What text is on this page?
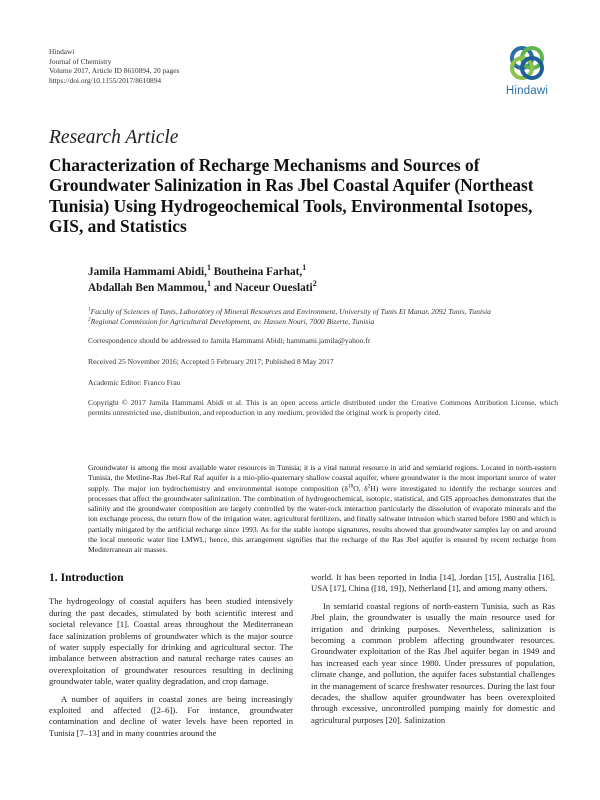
Hindawi
Journal of Chemistry
Volume 2017, Article ID 8610894, 20 pages
https://doi.org/10.1155/2017/8610894
Hindawi
Research Article
Characterization of Recharge Mechanisms and Sources of Groundwater Salinization in Ras Jbel Coastal Aquifer (Northeast Tunisia) Using Hydrogeochemical Tools, Environmental Isotopes, GIS, and Statistics
Jamila Hammami Abidi,$^1$ Boutheina Farhat,$^1$
Abdallah Ben Mammou,$^1$ and Naceur Oueslati$^2$
$^1$Faculty of Sciences of Tunis, Laboratory of Mineral Resources and Environment, University of Tunis El Manar, 2092 Tunis, Tunisia
$^2$Regional Commission for Agricultural Development, av. Hassen Nouri, 7000 Bizerte, Tunisia
Correspondence should be addressed to Jamila Hammami Abidi; hammami.jamila@yahoo.fr
Received 25 November 2016; Accepted 5 February 2017; Published 8 May 2017
Academic Editor: Franco Frau
Copyright © 2017 Jamila Hammami Abidi et al. This is an open access article distributed under the Creative Commons Attribution License, which permits unrestricted use, distribution, and reproduction in any medium, provided the original work is properly cited.
Groundwater is among the most available water resources in Tunisia; it is a vital natural resource in arid and semiarid regions. Located in north-eastern Tunisia, the Metline-Ras Jbel-Raf Raf aquifer is a mio-plio-quaternary shallow coastal aquifer, where groundwater is the most important source of water supply. The major ion hydrochemistry and environmental isotope composition ($\delta^{18}O$, $\delta^2H$) were investigated to identify the recharge sources and processes that affect the groundwater salinization. The combination of hydrogeochemical, isotopic, statistical, and GIS approaches demonstrates that the salinity and the groundwater composition are largely controlled by the water-rock interaction particularly the dissolution of evaporate minerals and the ion exchange process, the return flow of the irrigation water, agricultural fertilizers, and finally saltwater intrusion which started before 1980 and which is partially mitigated by the artificial recharge since 1993. As for the stable isotope signatures, results showed that groundwater samples lay on and around the local meteoric water line LMWL; hence, this arrangement signifies that the recharge of the Ras Jbel aquifer is ensured by recent recharge from Mediterranean air masses.
1. Introduction

The hydrogeology of coastal aquifers has been studied intensively during the past decades, stimulated by both scientific interest and societal relevance [1]. Coastal areas throughout the Mediterranean face salinization problems of groundwater which is the major source of water supply especially for drinking and agricultural sector. The imbalance between abstraction and natural recharge rates causes an overexploitation of groundwater resources resulting in declining groundwater table, water quality degradation, and crop damage.

A number of aquifers in coastal zones are being increasingly exploited and affected ([2–6]). For instance, groundwater contamination and decline of water levels have been reported in Tunisia [7–13] and in many countries around the

world. It has been reported in India [14], Jordan [15], Australia [16], USA [17], China ([18, 19]), Netherland [1], and among many others.

In semiarid coastal regions of north-eastern Tunisia, such as Ras Jbel plain, the groundwater is usually the main resource used for irrigation and drinking purposes. Nevertheless, salinization is becoming a common problem affecting groundwater resources. Groundwater exploitation of the Ras Jbel aquifer began in 1949 and has increased each year since 1980. Under pressures of population, climate change, and pollution, the aquifer faces substantial challenges in the management of scarce freshwater resources. During the last four decades, the shallow aquifer groundwater has been overexploited through excessive, uncontrolled pumping mainly for domestic and agricultural purposes [20]. Salinization
